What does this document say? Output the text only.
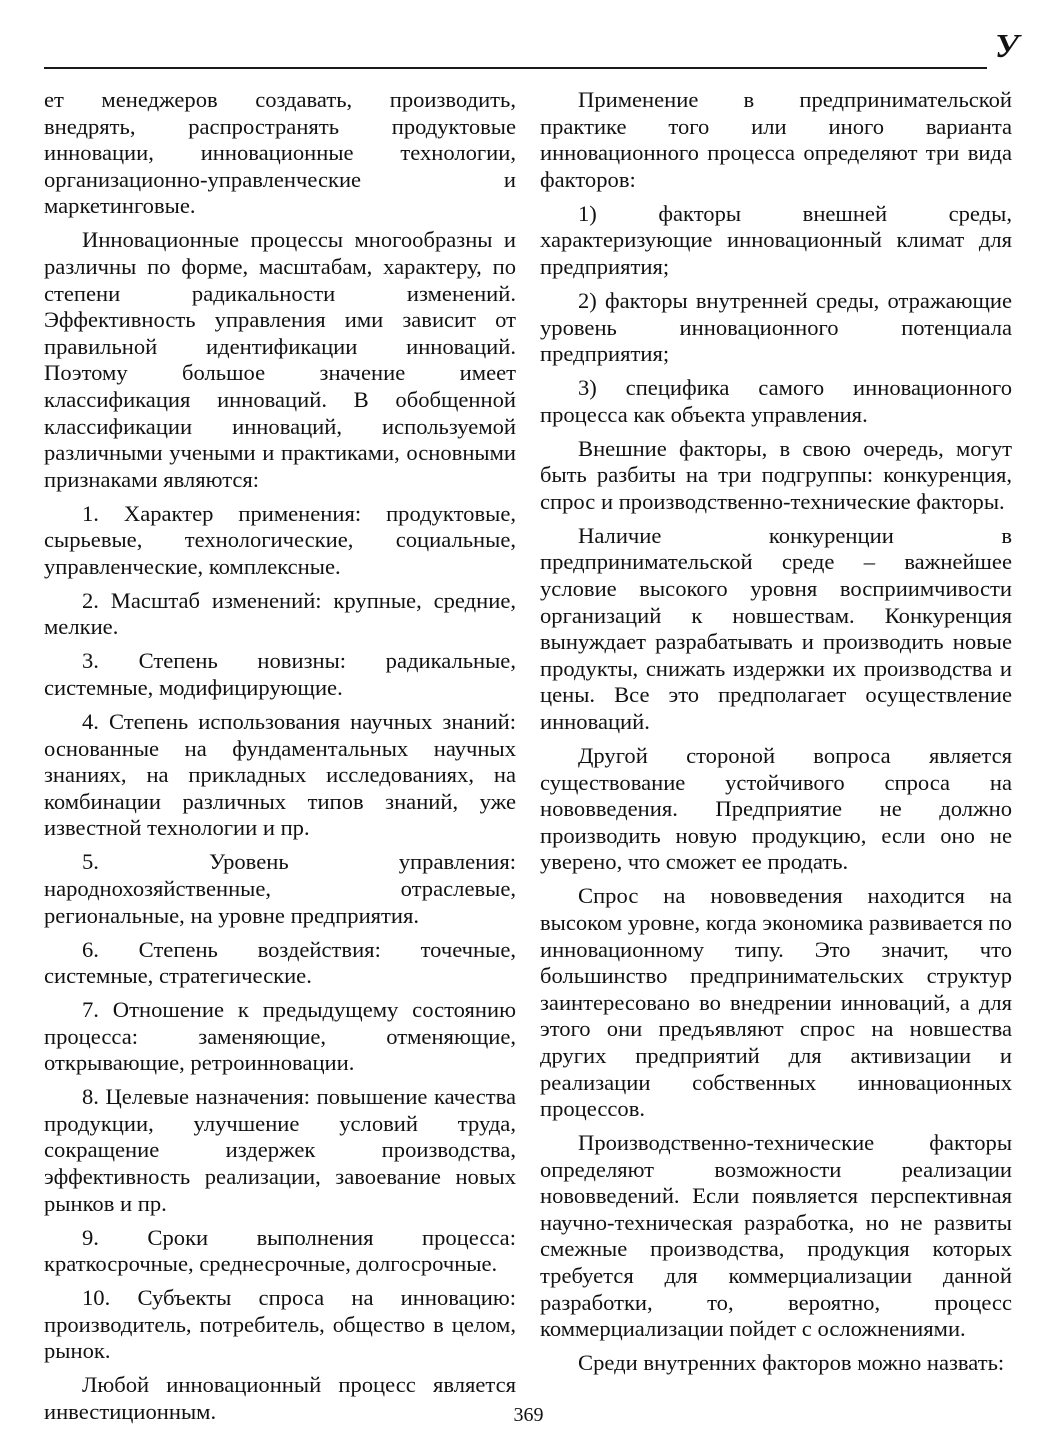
У

ет менеджеров создавать, производить, внедрять, распространять продуктовые инновации, инновационные технологии, организационно-управленческие и маркетинговые.

Инновационные процессы многообразны и различны по форме, масштабам, характеру, по степени радикальности изменений. Эффективность управления ими зависит от правильной идентификации инноваций. Поэтому большое значение имеет классификация инноваций. В обобщенной классификации инноваций, используемой различными учеными и практиками, основными признаками являются:

1. Характер применения: продуктовые, сырьевые, технологические, социальные, управленческие, комплексные.

2. Масштаб изменений: крупные, средние, мелкие.

3. Степень новизны: радикальные, системные, модифицирующие.

4. Степень использования научных знаний: основанные на фундаментальных научных знаниях, на прикладных исследованиях, на комбинации различных типов знаний, уже известной технологии и пр.

5. Уровень управления: народнохозяйственные, отраслевые, региональные, на уровне предприятия.

6. Степень воздействия: точечные, системные, стратегические.

7. Отношение к предыдущему состоянию процесса: заменяющие, отменяющие, открывающие, ретроинновации.

8. Целевые назначения: повышение качества продукции, улучшение условий труда, сокращение издержек производства, эффективность реализации, завоевание новых рынков и пр.

9. Сроки выполнения процесса: краткосрочные, среднесрочные, долгосрочные.

10. Субъекты спроса на инновацию: производитель, потребитель, общество в целом, рынок.

Любой инновационный процесс является инвестиционным.

Применение в предпринимательской практике того или иного варианта инновационного процесса определяют три вида факторов:

1) факторы внешней среды, характеризующие инновационный климат для предприятия;

2) факторы внутренней среды, отражающие уровень инновационного потенциала предприятия;

3) специфика самого инновационного процесса как объекта управления.

Внешние факторы, в свою очередь, могут быть разбиты на три подгруппы: конкуренция, спрос и производственно-технические факторы.

Наличие конкуренции в предпринимательской среде – важнейшее условие высокого уровня восприимчивости организаций к новшествам. Конкуренция вынуждает разрабатывать и производить новые продукты, снижать издержки их производства и цены. Все это предполагает осуществление инноваций.

Другой стороной вопроса является существование устойчивого спроса на нововведения. Предприятие не должно производить новую продукцию, если оно не уверено, что сможет ее продать.

Спрос на нововведения находится на высоком уровне, когда экономика развивается по инновационному типу. Это значит, что большинство предпринимательских структур заинтересовано во внедрении инноваций, а для этого они предъявляют спрос на новшества других предприятий для активизации и реализации собственных инновационных процессов.

Производственно-технические факторы определяют возможности реализации нововведений. Если появляется перспективная научно-техническая разработка, но не развиты смежные производства, продукция которых требуется для коммерциализации данной разработки, то, вероятно, процесс коммерциализации пойдет с осложнениями.

Среди внутренних факторов можно назвать:

369
